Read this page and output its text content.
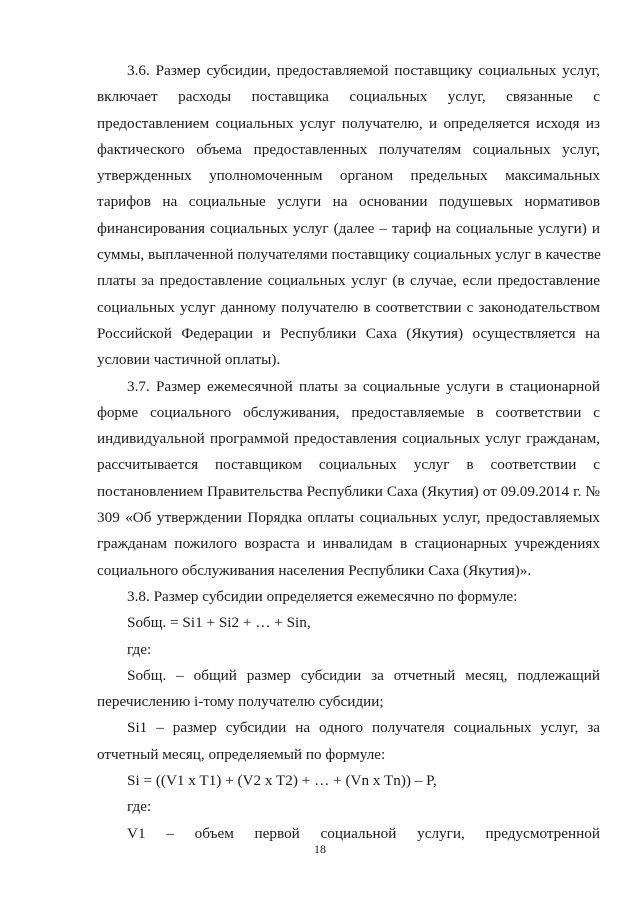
3.6. Размер субсидии, предоставляемой поставщику социальных услуг,
включает расходы поставщика социальных услуг, связанные с
предоставлением социальных услуг получателю, и определяется исходя из
фактического объема предоставленных получателям социальных услуг,
утвержденных уполномоченным органом предельных максимальных
тарифов на социальные услуги на основании подушевых нормативов
финансирования социальных услуг (далее – тариф на социальные услуги) и
суммы, выплаченной получателями поставщику социальных услуг в качестве
платы за предоставление социальных услуг (в случае, если предоставление
социальных услуг данному получателю в соответствии с законодательством
Российской Федерации и Республики Саха (Якутия) осуществляется на
условии частичной оплаты).
3.7. Размер ежемесячной платы за социальные услуги в стационарной
форме социального обслуживания, предоставляемые в соответствии с
индивидуальной программой предоставления социальных услуг гражданам,
рассчитывается поставщиком социальных услуг в соответствии с
постановлением Правительства Республики Саха (Якутия) от 09.09.2014 г. №
309 «Об утверждении Порядка оплаты социальных услуг, предоставляемых
гражданам пожилого возраста и инвалидам в стационарных учреждениях
социального обслуживания населения Республики Саха (Якутия)».
3.8. Размер субсидии определяется ежемесячно по формуле:
Sобщ. = Si1 + Si2 + … + Sin,
где:
Sобщ. – общий размер субсидии за отчетный месяц, подлежащий
перечислению i-тому получателю субсидии;
Si1 – размер субсидии на одного получателя социальных услуг, за
отчетный месяц, определяемый по формуле:
Si = ((V1 x T1) + (V2 x T2) + … + (Vn x Tn)) – P,
где:
V1 – объем первой социальной услуги, предусмотренной
18
